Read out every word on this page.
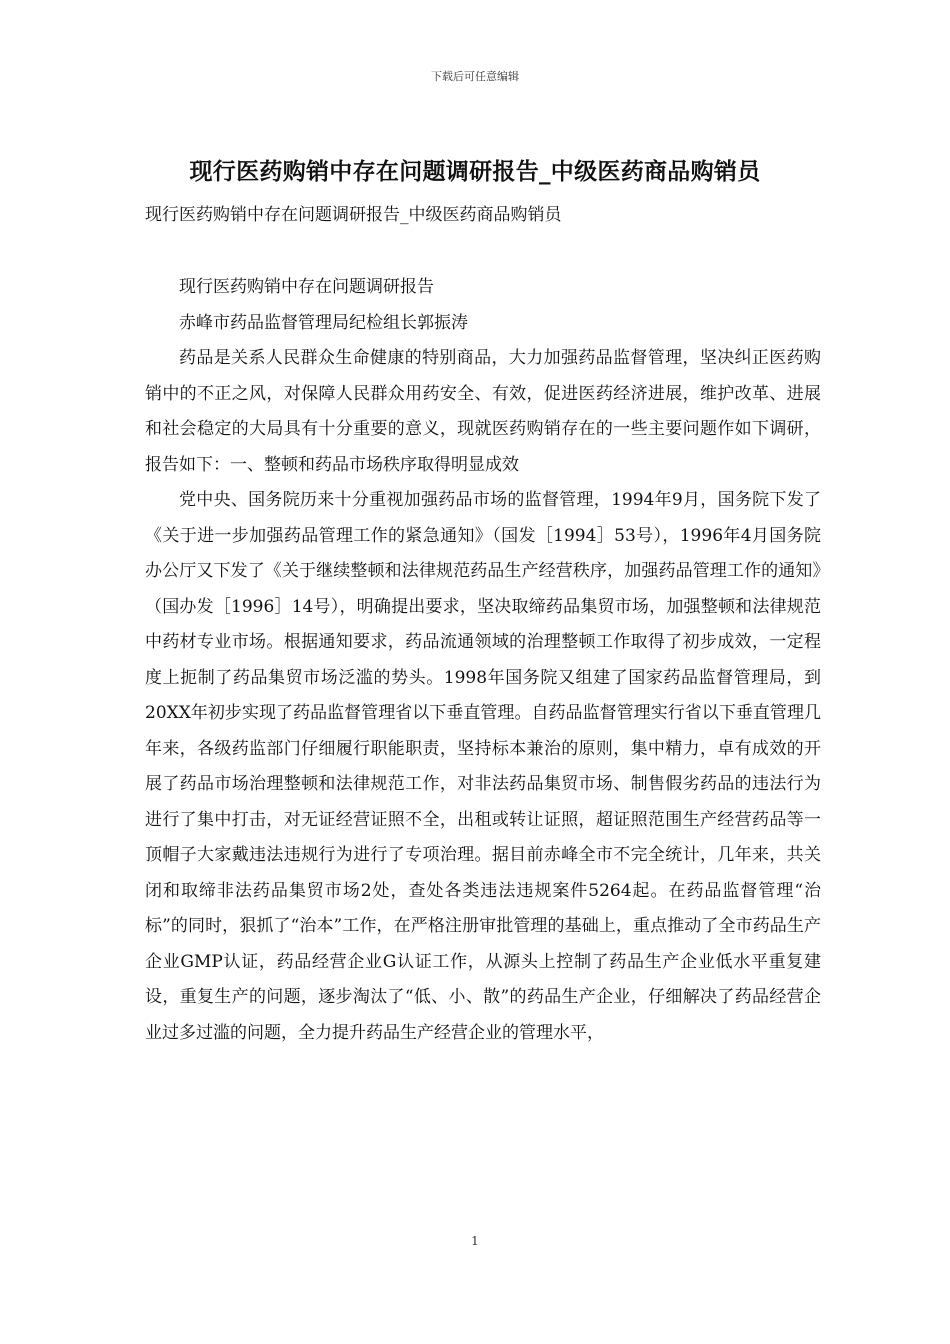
下载后可任意编辑
现行医药购销中存在问题调研报告_中级医药商品购销员
现行医药购销中存在问题调研报告_中级医药商品购销员

现行医药购销中存在问题调研报告

赤峰市药品监督管理局纪检组长郭振涛

药品是关系人民群众生命健康的特别商品，大力加强药品监督管理，坚决纠正医药购销中的不正之风，对保障人民群众用药安全、有效，促进医药经济进展，维护改革、进展和社会稳定的大局具有十分重要的意义，现就医药购销存在的一些主要问题作如下调研，报告如下：一、整顿和药品市场秩序取得明显成效

党中央、国务院历来十分重视加强药品市场的监督管理，1994年9月，国务院下发了《关于进一步加强药品管理工作的紧急通知》（国发［1994］53号），1996年4月国务院办公厅又下发了《关于继续整顿和法律规范药品生产经营秩序，加强药品管理工作的通知》（国办发［1996］14号），明确提出要求，坚决取缔药品集贸市场，加强整顿和法律规范中药材专业市场。根据通知要求，药品流通领域的治理整顿工作取得了初步成效，一定程度上扼制了药品集贸市场泛滥的势头。1998年国务院又组建了国家药品监督管理局，到20XX年初步实现了药品监督管理省以下垂直管理。自药品监督管理实行省以下垂直管理几年来，各级药监部门仔细履行职能职责，坚持标本兼治的原则，集中精力，卓有成效的开展了药品市场治理整顿和法律规范工作，对非法药品集贸市场、制售假劣药品的违法行为进行了集中打击，对无证经营证照不全，出租或转让证照，超证照范围生产经营药品等一顶帽子大家戴违法违规行为进行了专项治理。据目前赤峰全市不完全统计，几年来，共关闭和取缔非法药品集贸市场2处，查处各类违法违规案件5264起。在药品监督管理“治标”的同时，狠抓了“治本”工作，在严格注册审批管理的基础上，重点推动了全市药品生产企业GMP认证，药品经营企业G认证工作，从源头上控制了药品生产企业低水平重复建设，重复生产的问题，逐步淘汰了“低、小、散”的药品生产企业，仔细解决了药品经营企业过多过滥的问题，全力提升药品生产经营企业的管理水平，

1
